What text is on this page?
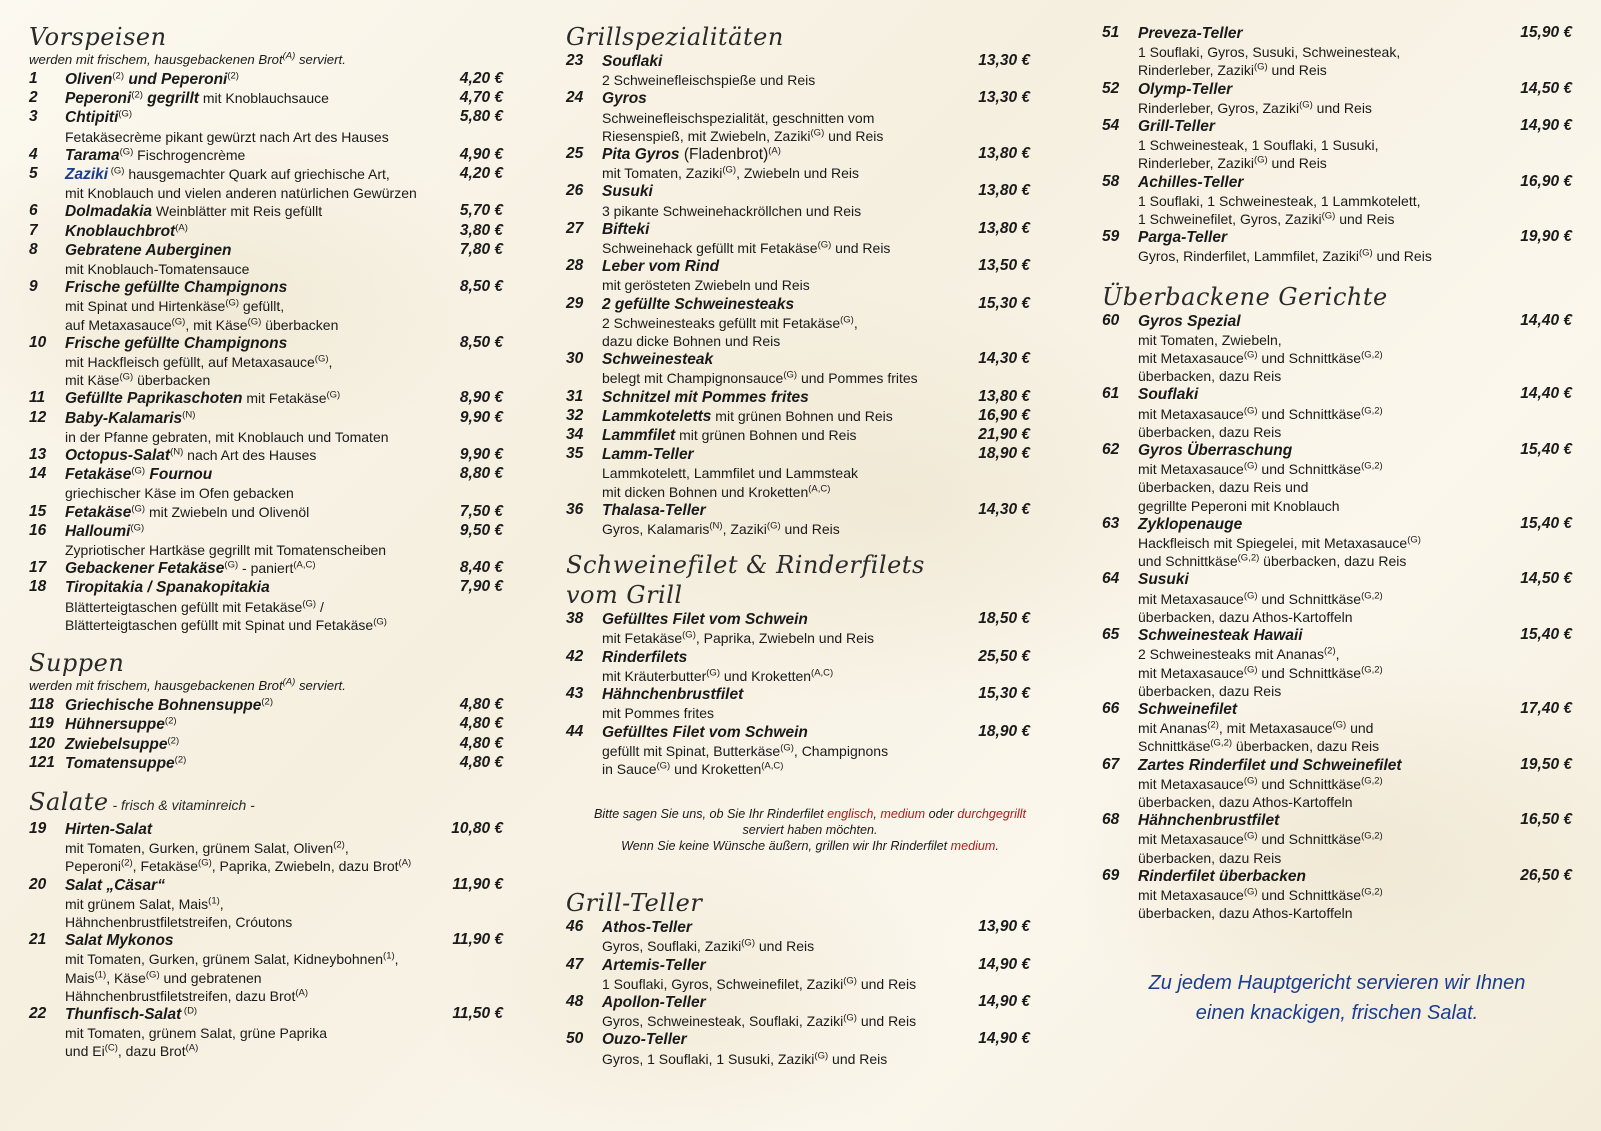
Vorspeisen
werden mit frischem, hausgebackenen Brot$^{(A)}$ serviert.
1 Oliven$^{(2)}$ und Peperoni$^{(2)}$	4,20 €
2 Peperoni$^{(2)}$ gegrillt mit Knoblauchsauce	4,70 €
3 Chtipiti$^{(G)}$	5,80 €
Fetakäsecrème pikant gewürzt nach Art des Hauses
4 Tarama$^{(G)}$ Fischrogencrème	4,90 €
5 Zaziki $^{(G)}$ hausgemachter Quark auf griechische Art,	4,20 €
mit Knoblauch und vielen anderen natürlichen Gewürzen
6 Dolmadakia Weinblätter mit Reis gefüllt	5,70 €
7 Knoblauchbrot$^{(A)}$	3,80 €
8 Gebratene Auberginen	7,80 €
mit Knoblauch-Tomatensauce
9 Frische gefüllte Champignons	8,50 €
mit Spinat und Hirtenkäse$^{(G)}$ gefüllt,
auf Metaxasauce$^{(G)}$, mit Käse$^{(G)}$ überbacken
10 Frische gefüllte Champignons	8,50 €
mit Hackfleisch gefüllt, auf Metaxasauce$^{(G)}$,
mit Käse$^{(G)}$ überbacken
11 Gefüllte Paprikaschoten mit Fetakäse$^{(G)}$	8,90 €
12 Baby-Kalamaris$^{(N)}$	9,90 €
in der Pfanne gebraten, mit Knoblauch und Tomaten
13 Octopus-Salat$^{(N)}$ nach Art des Hauses	9,90 €
14 Fetakäse$^{(G)}$ Fournou	8,80 €
griechischer Käse im Ofen gebacken
15 Fetakäse$^{(G)}$ mit Zwiebeln und Olivenöl	7,50 €
16 Halloumi$^{(G)}$	9,50 €
Zypriotischer Hartkäse gegrillt mit Tomatenscheiben
17 Gebackener Fetakäse$^{(G)}$ - paniert$^{(A,C)}$	8,40 €
18 Tiropitakia / Spanakopitakia	7,90 €
Blätterteigtaschen gefüllt mit Fetakäse$^{(G)}$ /
Blätterteigtaschen gefüllt mit Spinat und Fetakäse$^{(G)}$
Suppen
werden mit frischem, hausgebackenen Brot$^{(A)}$ serviert.
118 Griechische Bohnensuppe$^{(2)}$	4,80 €
119 Hühnersuppe$^{(2)}$	4,80 €
120 Zwiebelsuppe$^{(2)}$	4,80 €
121 Tomatensuppe$^{(2)}$	4,80 €
Salate - frisch & vitaminreich -
19 Hirten-Salat	10,80 €
mit Tomaten, Gurken, grünem Salat, Oliven$^{(2)}$,
Peperoni$^{(2)}$, Fetakäse$^{(G)}$, Paprika, Zwiebeln, dazu Brot$^{(A)}$
20 Salat „Cäsar“	11,90 €
mit grünem Salat, Mais$^{(1)}$,
Hähnchenbrustfiletstreifen, Cróutons
21 Salat Mykonos	11,90 €
mit Tomaten, Gurken, grünem Salat, Kidneybohnen$^{(1)}$,
Mais$^{(1)}$, Käse$^{(G)}$ und gebratenen
Hähnchenbrustfiletstreifen, dazu Brot$^{(A)}$
22 Thunfisch-Salat $^{(D)}$	11,50 €
mit Tomaten, grünem Salat, grüne Paprika
und $Ei^{(C)}$, dazu Brot$^{(A)}$
Grillspezialitäten
23 Souflaki	13,30 €
2 Schweinefleischspieße und Reis
24 Gyros	13,30 €
Schweinefleischspezialität, geschnitten vom
Riesenspieß, mit Zwiebeln, Zaziki$^{(G)}$ und Reis
25 Pita Gyros (Fladenbrot)$^{(A)}$	13,80 €
mit Tomaten, Zaziki$^{(G)}$, Zwiebeln und Reis
26 Susuki	13,80 €
3 pikante Schweinehackröllchen und Reis
27 Bifteki	13,80 €
Schweinehack gefüllt mit Fetakäse$^{(G)}$ und Reis
28 Leber vom Rind	13,50 €
mit gerösteten Zwiebeln und Reis
29 2 gefüllte Schweinesteaks	15,30 €
2 Schweinesteaks gefüllt mit Fetakäse$^{(G)}$,
dazu dicke Bohnen und Reis
30 Schweinesteak	14,30 €
belegt mit Champignonsauce$^{(G)}$ und Pommes frites
31 Schnitzel mit Pommes frites	13,80 €
32 Lammkoteletts mit grünen Bohnen und Reis	16,90 €
34 Lammfilet mit grünen Bohnen und Reis	21,90 €
35 Lamm-Teller	18,90 €
Lammkotelett, Lammfilet und Lammsteak
mit dicken Bohnen und Kroketten$^{(A,C)}$
36 Thalasa-Teller	14,30 €
Gyros, Kalamaris$^{(N)}$, Zaziki$^{(G)}$ und Reis
Schweinefilet & Rinderfilets
vom Grill
38 Gefülltes Filet vom Schwein	18,50 €
mit Fetakäse$^{(G)}$, Paprika, Zwiebeln und Reis
42 Rinderfilets	25,50 €
mit Kräuterbutter$^{(G)}$ und Kroketten$^{(A,C)}$
43 Hähnchenbrustfilet	15,30 €
mit Pommes frites
44 Gefülltes Filet vom Schwein	18,90 €
gefüllt mit Spinat, Butterkäse$^{(G)}$, Champignons
in Sauce$^{(G)}$ und Kroketten$^{(A,C)}$
Bitte sagen Sie uns, ob Sie Ihr Rinderfilet englisch, medium oder durchgegrillt
serviert haben möchten.
Wenn Sie keine Wünsche äußern, grillen wir Ihr Rinderfilet medium.
Grill-Teller
46 Athos-Teller	13,90 €
Gyros, Souflaki, Zaziki$^{(G)}$ und Reis
47 Artemis-Teller	14,90 €
1 Souflaki, Gyros, Schweinefilet, Zaziki$^{(G)}$ und Reis
48 Apollon-Teller	14,90 €
Gyros, Schweinesteak, Souflaki, Zaziki$^{(G)}$ und Reis
50 Ouzo-Teller	14,90 €
Gyros, 1 Souflaki, 1 Susuki, Zaziki$^{(G)}$ und Reis
51 Preveza-Teller	15,90 €
1 Souflaki, Gyros, Susuki, Schweinesteak,
Rinderleber, Zaziki$^{(G)}$ und Reis
52 Olymp-Teller	14,50 €
Rinderleber, Gyros, Zaziki$^{(G)}$ und Reis
54 Grill-Teller	14,90 €
1 Schweinesteak, 1 Souflaki, 1 Susuki,
Rinderleber, Zaziki$^{(G)}$ und Reis
58 Achilles-Teller	16,90 €
1 Souflaki, 1 Schweinesteak, 1 Lammkotelett,
1 Schweinefilet, Gyros, Zaziki$^{(G)}$ und Reis
59 Parga-Teller	19,90 €
Gyros, Rinderfilet, Lammfilet, Zaziki$^{(G)}$ und Reis
Überbackene Gerichte
60 Gyros Spezial	14,40 €
mit Tomaten, Zwiebeln,
mit Metaxasauce$^{(G)}$ und Schnittkäse$^{(G,2)}$
überbacken, dazu Reis
61 Souflaki	14,40 €
mit Metaxasauce$^{(G)}$ und Schnittkäse$^{(G,2)}$
überbacken, dazu Reis
62 Gyros Überraschung	15,40 €
mit Metaxasauce$^{(G)}$ und Schnittkäse$^{(G,2)}$
überbacken, dazu Reis und
gegrillte Peperoni mit Knoblauch
63 Zyklopenauge	15,40 €
Hackfleisch mit Spiegelei, mit Metaxasauce$^{(G)}$
und Schnittkäse$^{(G,2)}$ überbacken, dazu Reis
64 Susuki	14,50 €
mit Metaxasauce$^{(G)}$ und Schnittkäse$^{(G,2)}$
überbacken, dazu Athos-Kartoffeln
65 Schweinesteak Hawaii	15,40 €
2 Schweinesteaks mit Ananas$^{(2)}$,
mit Metaxasauce$^{(G)}$ und Schnittkäse$^{(G,2)}$
überbacken, dazu Reis
66 Schweinefilet	17,40 €
mit Ananas$^{(2)}$, mit Metaxasauce$^{(G)}$ und
Schnittkäse$^{(G,2)}$ überbacken, dazu Reis
67 Zartes Rinderfilet und Schweinefilet	19,50 €
mit Metaxasauce$^{(G)}$ und Schnittkäse$^{(G,2)}$
überbacken, dazu Athos-Kartoffeln
68 Hähnchenbrustfilet	16,50 €
mit Metaxasauce$^{(G)}$ und Schnittkäse$^{(G,2)}$
überbacken, dazu Reis
69 Rinderfilet überbacken	26,50 €
mit Metaxasauce$^{(G)}$ und Schnittkäse$^{(G,2)}$
überbacken, dazu Athos-Kartoffeln
Zu jedem Hauptgericht servieren wir Ihnen
einen knackigen, frischen Salat.
